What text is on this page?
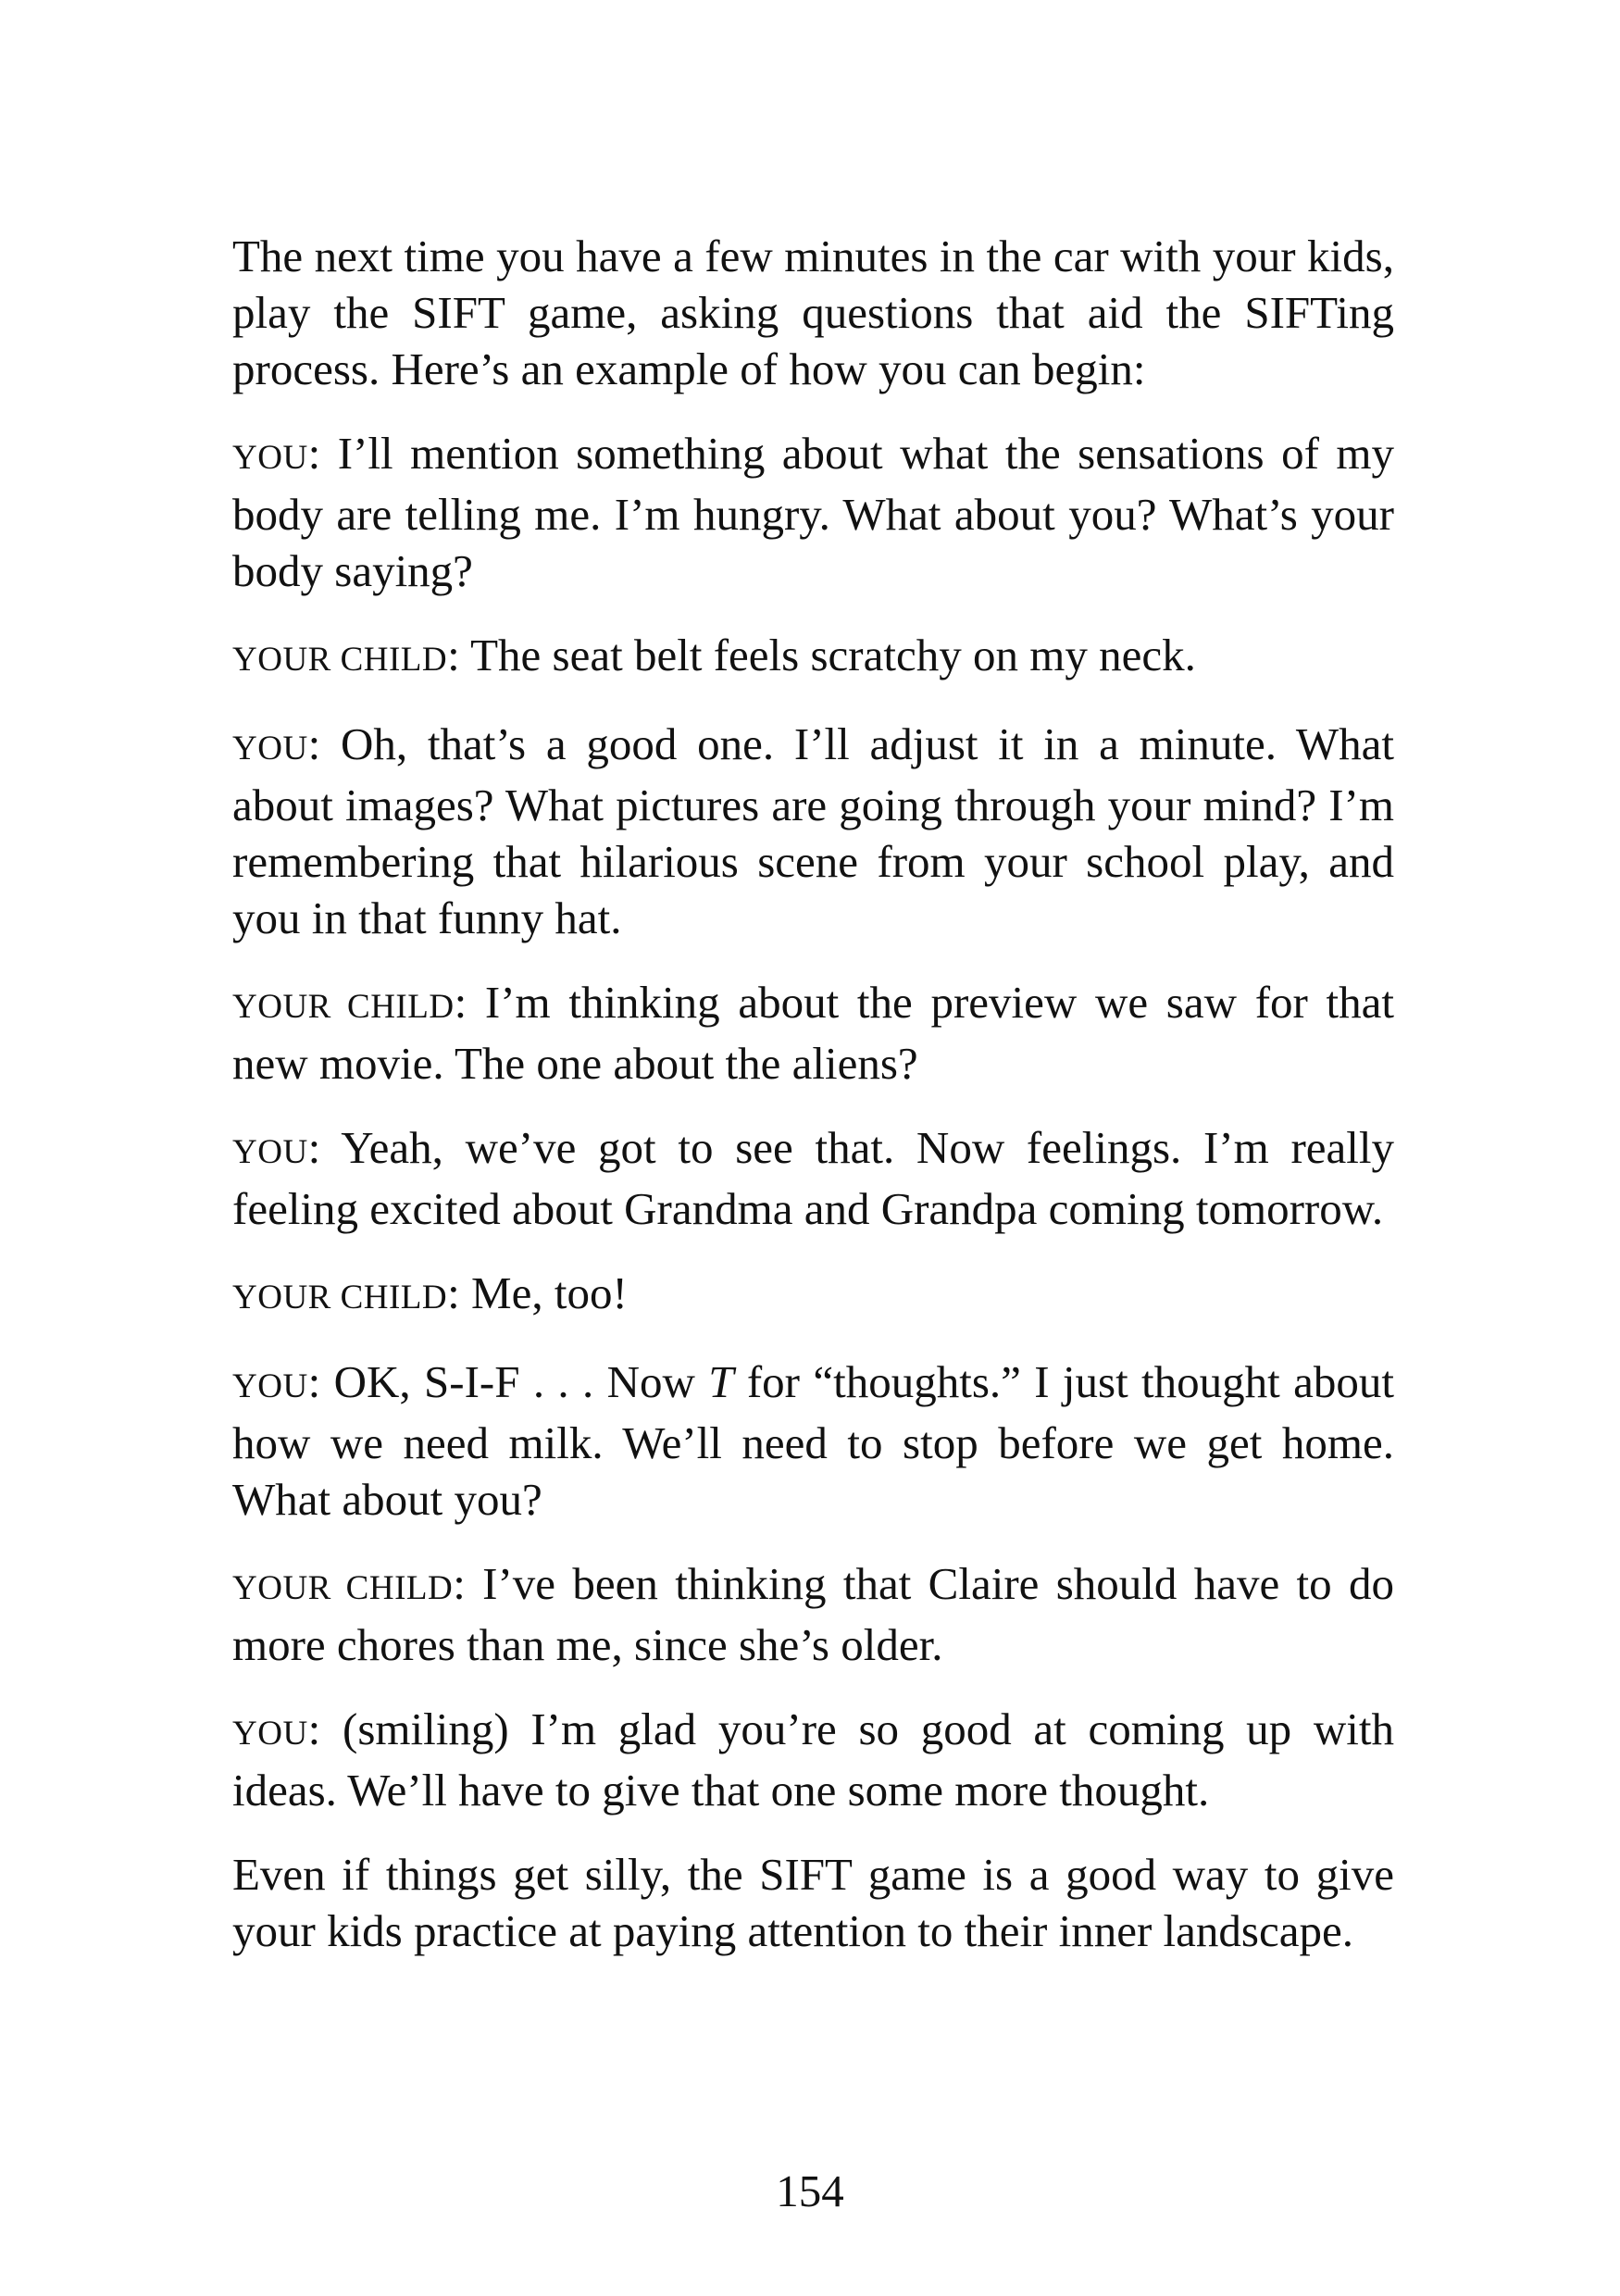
The next time you have a few minutes in the car with your kids, play the SIFT game, asking questions that aid the SIFTing process. Here’s an example of how you can begin:

YOU: I’ll mention something about what the sensations of my body are telling me. I’m hungry. What about you? What’s your body saying?

YOUR CHILD: The seat belt feels scratchy on my neck.

YOU: Oh, that’s a good one. I’ll adjust it in a minute. What about images? What pictures are going through your mind? I’m remembering that hilarious scene from your school play, and you in that funny hat.

YOUR CHILD: I’m thinking about the preview we saw for that new movie. The one about the aliens?

YOU: Yeah, we’ve got to see that. Now feelings. I’m really feeling excited about Grandma and Grandpa coming tomorrow.

YOUR CHILD: Me, too!

YOU: OK, S-I-F . . . Now T for “thoughts.” I just thought about how we need milk. We’ll need to stop before we get home. What about you?

YOUR CHILD: I’ve been thinking that Claire should have to do more chores than me, since she’s older.

YOU: (smiling) I’m glad you’re so good at coming up with ideas. We’ll have to give that one some more thought.

Even if things get silly, the SIFT game is a good way to give your kids practice at paying attention to their inner landscape.

154
